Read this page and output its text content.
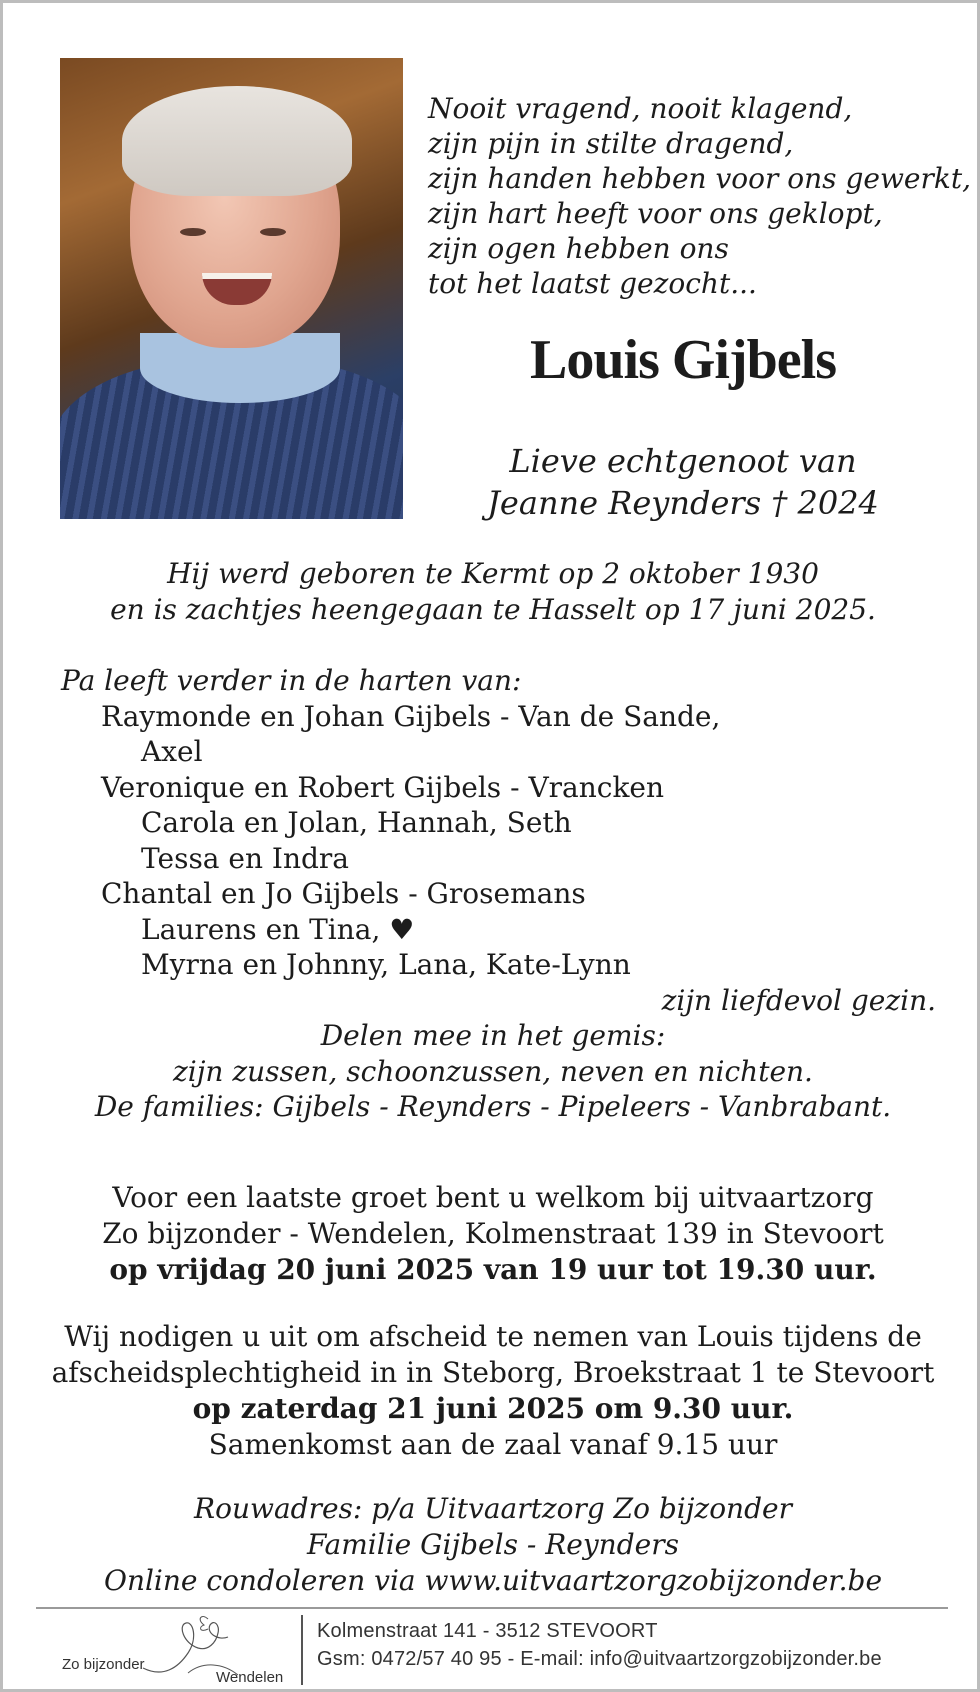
Nooit vragend, nooit klagend,
zijn pijn in stilte dragend,
zijn handen hebben voor ons gewerkt,
zijn hart heeft voor ons geklopt,
zijn ogen hebben ons
tot het laatst gezocht...
Louis Gijbels
Lieve echtgenoot van
Jeanne Reynders † 2024
Hij werd geboren te Kermt op 2 oktober 1930
en is zachtjes heengegaan te Hasselt op 17 juni 2025.
Pa leeft verder in de harten van:
Raymonde en Johan Gijbels - Van de Sande,
Axel
Veronique en Robert Gijbels - Vrancken
Carola en Jolan, Hannah, Seth
Tessa en Indra
Chantal en Jo Gijbels - Grosemans
Laurens en Tina, ♥
Myrna en Johnny, Lana, Kate-Lynn
zijn liefdevol gezin.
Delen mee in het gemis:
zijn zussen, schoonzussen, neven en nichten.
De families: Gijbels - Reynders - Pipeleers - Vanbrabant.
Voor een laatste groet bent u welkom bij uitvaartzorg
Zo bijzonder - Wendelen, Kolmenstraat 139 in Stevoort
op vrijdag 20 juni 2025 van 19 uur tot 19.30 uur.
Wij nodigen u uit om afscheid te nemen van Louis tijdens de
afscheidsplechtigheid in in Steborg, Broekstraat 1 te Stevoort
op zaterdag 21 juni 2025 om 9.30 uur.
Samenkomst aan de zaal vanaf 9.15 uur
Rouwadres: p/a Uitvaartzorg Zo bijzonder
Familie Gijbels - Reynders
Online condoleren via www.uitvaartzorgzobijzonder.be
Zo bijzonder
Wendelen
Kolmenstraat 141 - 3512 STEVOORT
Gsm: 0472/57 40 95 - E-mail: info@uitvaartzorgzobijzonder.be
